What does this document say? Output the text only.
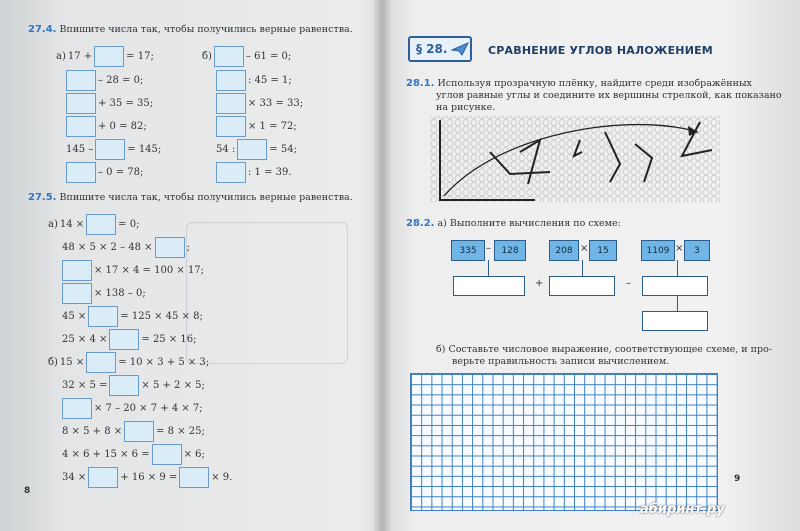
27.4. Впишите числа так, чтобы получились верные равенства.
а) 17 +	= 17;
– 28 = 0;
+ 35 = 35;
+ 0 = 82;
145 –	= 145;
– 0 = 78;
б)	– 61 = 0;
: 45 = 1;
× 33 = 33;
× 1 = 72;
54 :	= 54;
: 1 = 39.
27.5. Впишите числа так, чтобы получились верные равенства.
а) 14 ×	= 0;
48 × 5 × 2 – 48 ×	;
× 17 × 4 = 100 × 17;
× 138 – 0;
45 ×	= 125 × 45 × 8;
25 × 4 ×	= 25 × 16;
б) 15 ×	= 10 × 3 + 5 × 3;
32 × 5 =	× 5 + 2 × 5;
× 7 – 20 × 7 + 4 × 7;
8 × 5 + 8 ×	= 8 × 25;
4 × 6 + 15 × 6 =	× 6;
34 ×	+ 16 × 9 =	× 9.
8
§ 28.	СРАВНЕНИЕ УГЛОВ НАЛОЖЕНИЕМ
28.1. Используя прозрачную плёнку, найдите среди изображённых
углов равные углы и соедините их вершины стрелкой, как показано
на рисунке.
28.2. а) Выполните вычисления по схеме:
335 –	128	208 × 15	1109 ×	3
+	–
б) Составьте числовое выражение, соответствующее схеме, и про-
верьте правильность записи вычислением.
9
абиринт.ру
